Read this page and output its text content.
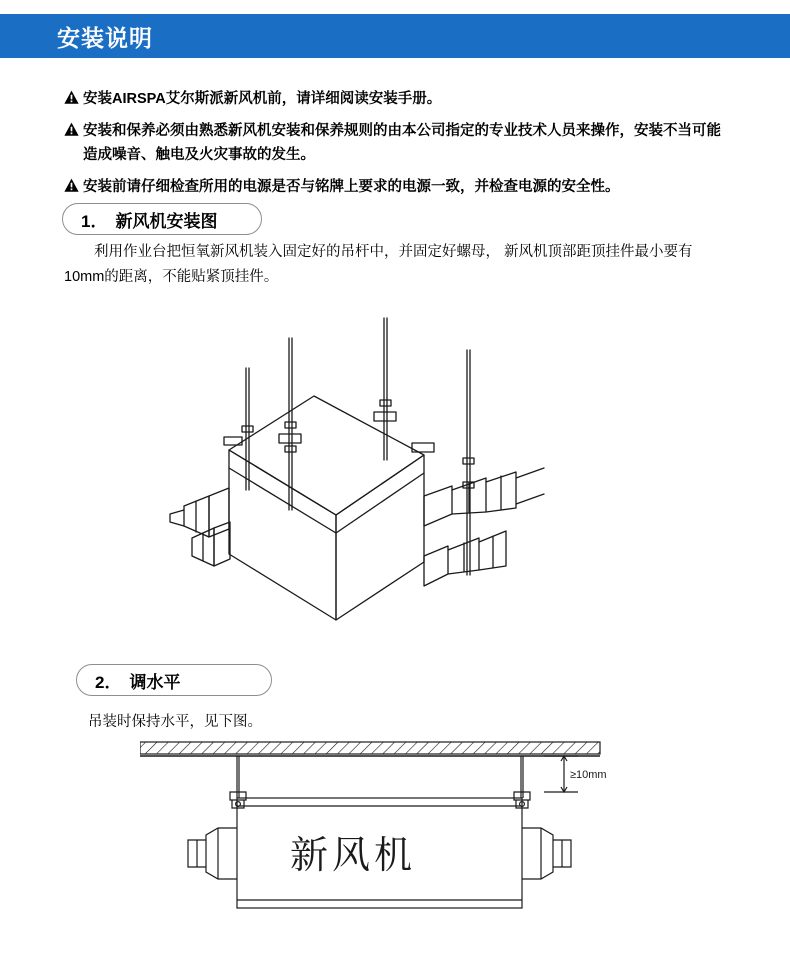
安装说明
安装AIRSPA艾尔斯派新风机前，请详细阅读安装手册。
安装和保养必须由熟悉新风机安装和保养规则的由本公司指定的专业技术人员来操作，安装不当可能造成噪音、触电及火灾事故的发生。
安装前请仔细检查所用的电源是否与铭牌上要求的电源一致，并检查电源的安全性。
1． 新风机安装图
利用作业台把恒氧新风机装入固定好的吊杆中，并固定好螺母， 新风机顶部距顶挂件最小要有10mm的距离，不能贴紧顶挂件。
2． 调水平
吊装时保持水平，见下图。
≥10mm
新风机
